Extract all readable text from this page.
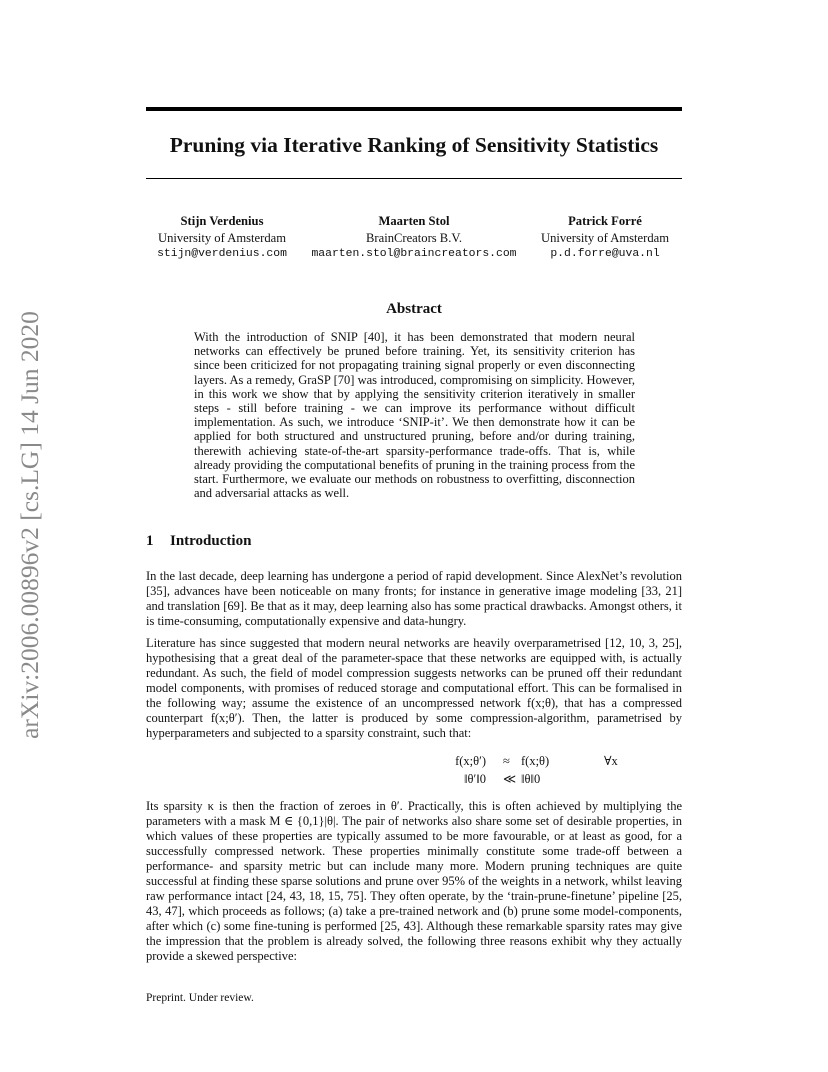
arXiv:2006.00896v2 [cs.LG] 14 Jun 2020
Pruning via Iterative Ranking of Sensitivity Statistics
Stijn Verdenius
University of Amsterdam
stijn@verdenius.com
Maarten Stol
BrainCreators B.V.
maarten.stol@braincreators.com
Patrick Forré
University of Amsterdam
p.d.forre@uva.nl
Abstract
With the introduction of SNIP [40], it has been demonstrated that modern neural networks can effectively be pruned before training. Yet, its sensitivity criterion has since been criticized for not propagating training signal properly or even disconnecting layers. As a remedy, GraSP [70] was introduced, compromising on simplicity. However, in this work we show that by applying the sensitivity criterion iteratively in smaller steps - still before training - we can improve its performance without difficult implementation. As such, we introduce ‘SNIP-it’. We then demonstrate how it can be applied for both structured and unstructured pruning, before and/or during training, therewith achieving state-of-the-art sparsity-performance trade-offs. That is, while already providing the computational benefits of pruning in the training process from the start. Furthermore, we evaluate our methods on robustness to overfitting, disconnection and adversarial attacks as well.
1 Introduction
In the last decade, deep learning has undergone a period of rapid development. Since AlexNet’s revolution [35], advances have been noticeable on many fronts; for instance in generative image modeling [33, 21] and translation [69]. Be that as it may, deep learning also has some practical drawbacks. Amongst others, it is time-consuming, computationally expensive and data-hungry.
Literature has since suggested that modern neural networks are heavily overparametrised [12, 10, 3, 25], hypothesising that a great deal of the parameter-space that these networks are equipped with, is actually redundant. As such, the field of model compression suggests networks can be pruned off their redundant model components, with promises of reduced storage and computational effort. This can be formalised in the following way; assume the existence of an uncompressed network f(x;θ), that has a compressed counterpart f(x;θ′). Then, the latter is produced by some compression-algorithm, parametrised by hyperparameters and subjected to a sparsity constraint, such that:
f(x;θ′) ≈ f(x;θ)	∀x
‖θ′‖0 ≪ ‖θ‖0
Its sparsity κ is then the fraction of zeroes in θ′. Practically, this is often achieved by multiplying the parameters with a mask M ∈ {0,1}|θ|. The pair of networks also share some set of desirable properties, in which values of these properties are typically assumed to be more favourable, or at least as good, for a successfully compressed network. These properties minimally constitute some trade-off between a performance- and sparsity metric but can include many more. Modern pruning techniques are quite successful at finding these sparse solutions and prune over 95% of the weights in a network, whilst leaving raw performance intact [24, 43, 18, 15, 75]. They often operate, by the ‘train-prune-finetune’ pipeline [25, 43, 47], which proceeds as follows; (a) take a pre-trained network and (b) prune some model-components, after which (c) some fine-tuning is performed [25, 43]. Although these remarkable sparsity rates may give the impression that the problem is already solved, the following three reasons exhibit why they actually provide a skewed perspective:
Preprint. Under review.
